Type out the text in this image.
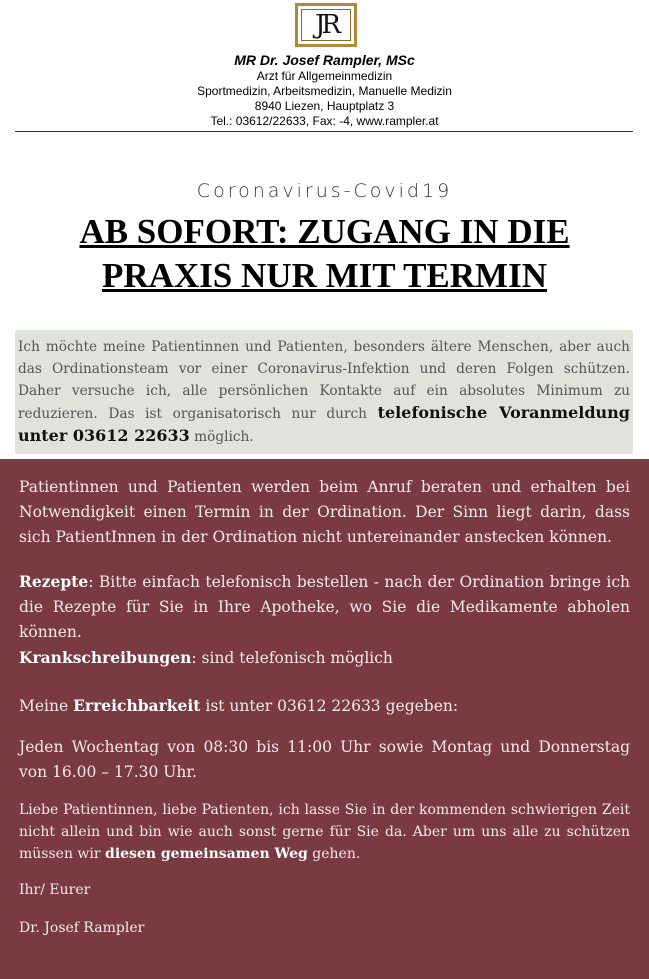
JR
MR Dr. Josef Rampler, MSc
Arzt für Allgemeinmedizin
Sportmedizin, Arbeitsmedizin, Manuelle Medizin
8940 Liezen, Hauptplatz 3
Tel.: 03612/22633, Fax: -4, www.rampler.at
Coronavirus-Covid19
AB SOFORT: ZUGANG IN DIE
PRAXIS NUR MIT TERMIN
Ich möchte meine Patientinnen und Patienten, besonders ältere Menschen, aber auch das Ordinationsteam vor einer Coronavirus-Infektion und deren Folgen schützen. Daher versuche ich, alle persönlichen Kontakte auf ein absolutes Minimum zu reduzieren. Das ist organisatorisch nur durch telefonische Voranmeldung unter 03612 22633 möglich.

Patientinnen und Patienten werden beim Anruf beraten und erhalten bei Notwendigkeit einen Termin in der Ordination. Der Sinn liegt darin, dass sich PatientInnen in der Ordination nicht untereinander anstecken können.

Rezepte: Bitte einfach telefonisch bestellen - nach der Ordination bringe ich die Rezepte für Sie in Ihre Apotheke, wo Sie die Medikamente abholen können.

Krankschreibungen: sind telefonisch möglich

Meine Erreichbarkeit ist unter 03612 22633 gegeben:

Jeden Wochentag von 08:30 bis 11:00 Uhr sowie Montag und Donnerstag von 16.00 – 17.30 Uhr.

Liebe Patientinnen, liebe Patienten, ich lasse Sie in der kommenden schwierigen Zeit nicht allein und bin wie auch sonst gerne für Sie da. Aber um uns alle zu schützen müssen wir diesen gemeinsamen Weg gehen.

Ihr/ Eurer

Dr. Josef Rampler
